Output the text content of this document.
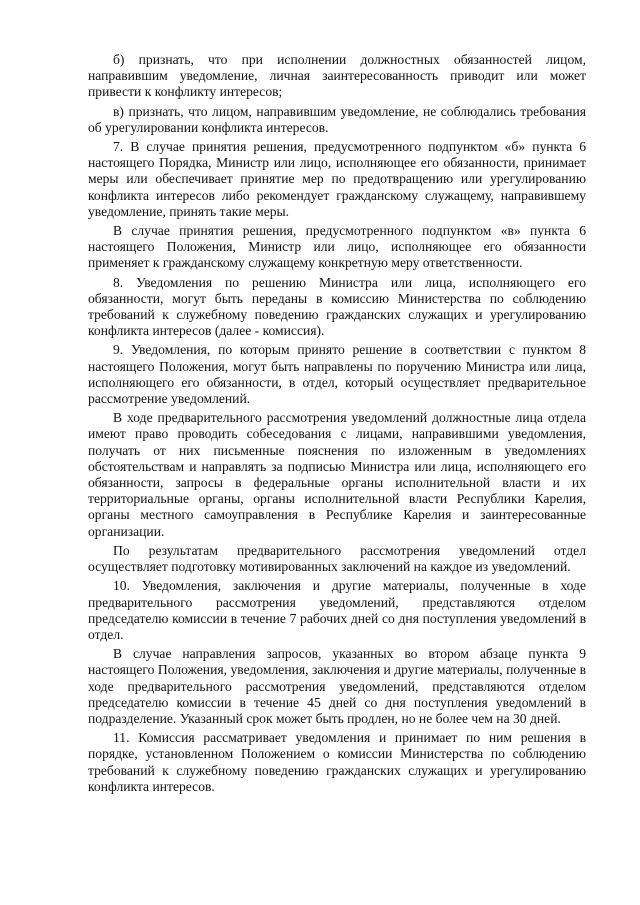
б) признать, что при исполнении должностных обязанностей лицом, направившим уведомление, личная заинтересованность приводит или может привести к конфликту интересов;

в) признать, что лицом, направившим уведомление, не соблюдались требования об урегулировании конфликта интересов.

7. В случае принятия решения, предусмотренного подпунктом «б» пункта 6 настоящего Порядка, Министр или лицо, исполняющее его обязанности, принимает меры или обеспечивает принятие мер по предотвращению или урегулированию конфликта интересов либо рекомендует гражданскому служащему, направившему уведомление, принять такие меры.

В случае принятия решения, предусмотренного подпунктом «в» пункта 6 настоящего Положения, Министр или лицо, исполняющее его обязанности применяет к гражданскому служащему конкретную меру ответственности.

8. Уведомления по решению Министра или лица, исполняющего его обязанности, могут быть переданы в комиссию Министерства по соблюдению требований к служебному поведению гражданских служащих и урегулированию конфликта интересов (далее - комиссия).

9. Уведомления, по которым принято решение в соответствии с пунктом 8 настоящего Положения, могут быть направлены по поручению Министра или лица, исполняющего его обязанности, в отдел, который осуществляет предварительное рассмотрение уведомлений.

В ходе предварительного рассмотрения уведомлений должностные лица отдела имеют право проводить собеседования с лицами, направившими уведомления, получать от них письменные пояснения по изложенным в уведомлениях обстоятельствам и направлять за подписью Министра или лица, исполняющего его обязанности, запросы в федеральные органы исполнительной власти и их территориальные органы, органы исполнительной власти Республики Карелия, органы местного самоуправления в Республике Карелия и заинтересованные организации.

По результатам предварительного рассмотрения уведомлений отдел осуществляет подготовку мотивированных заключений на каждое из уведомлений.

10. Уведомления, заключения и другие материалы, полученные в ходе предварительного рассмотрения уведомлений, представляются отделом председателю комиссии в течение 7 рабочих дней со дня поступления уведомлений в отдел.

В случае направления запросов, указанных во втором абзаце пункта 9 настоящего Положения, уведомления, заключения и другие материалы, полученные в ходе предварительного рассмотрения уведомлений, представляются отделом председателю комиссии в течение 45 дней со дня поступления уведомлений в подразделение. Указанный срок может быть продлен, но не более чем на 30 дней.

11. Комиссия рассматривает уведомления и принимает по ним решения в порядке, установленном Положением о комиссии Министерства по соблюдению требований к служебному поведению гражданских служащих и урегулированию конфликта интересов.
